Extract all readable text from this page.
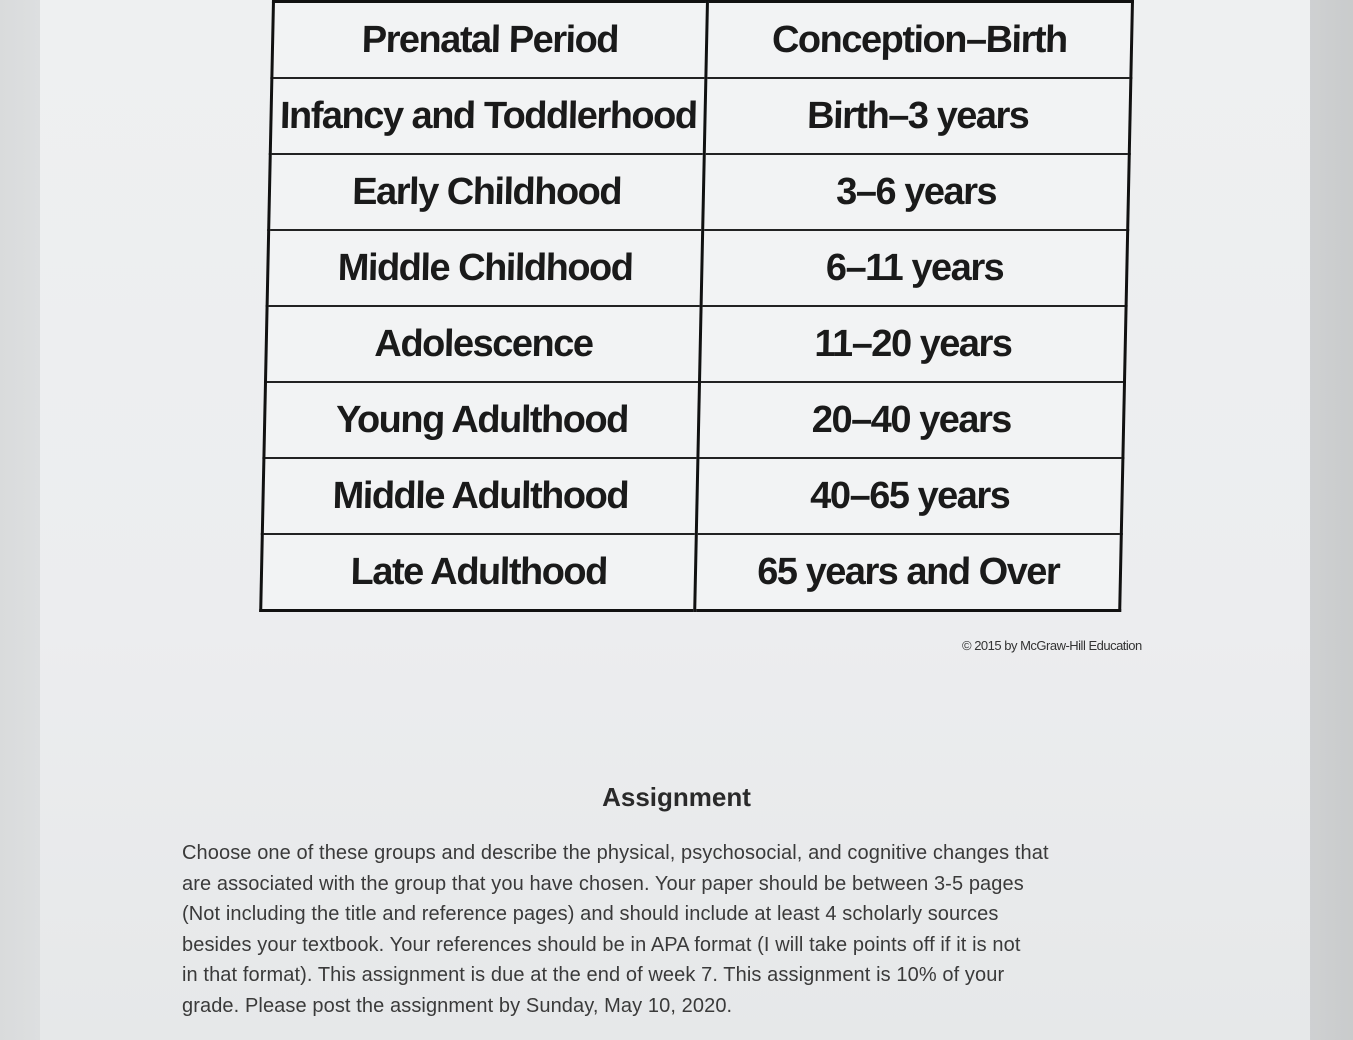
Prenatal Period	Conception–Birth
Infancy and Toddlerhood	Birth–3 years
Early Childhood	3–6 years
Middle Childhood	6–11 years
Adolescence	11–20 years
Young Adulthood	20–40 years
Middle Adulthood	40–65 years
Late Adulthood	65 years and Over
© 2015 by McGraw-Hill Education
Assignment
Choose one of these groups and describe the physical, psychosocial, and cognitive changes that
are associated with the group that you have chosen. Your paper should be between 3-5 pages
(Not including the title and reference pages) and should include at least 4 scholarly sources
besides your textbook. Your references should be in APA format (I will take points off if it is not
in that format). This assignment is due at the end of week 7. This assignment is 10% of your
grade. Please post the assignment by Sunday, May 10, 2020.
